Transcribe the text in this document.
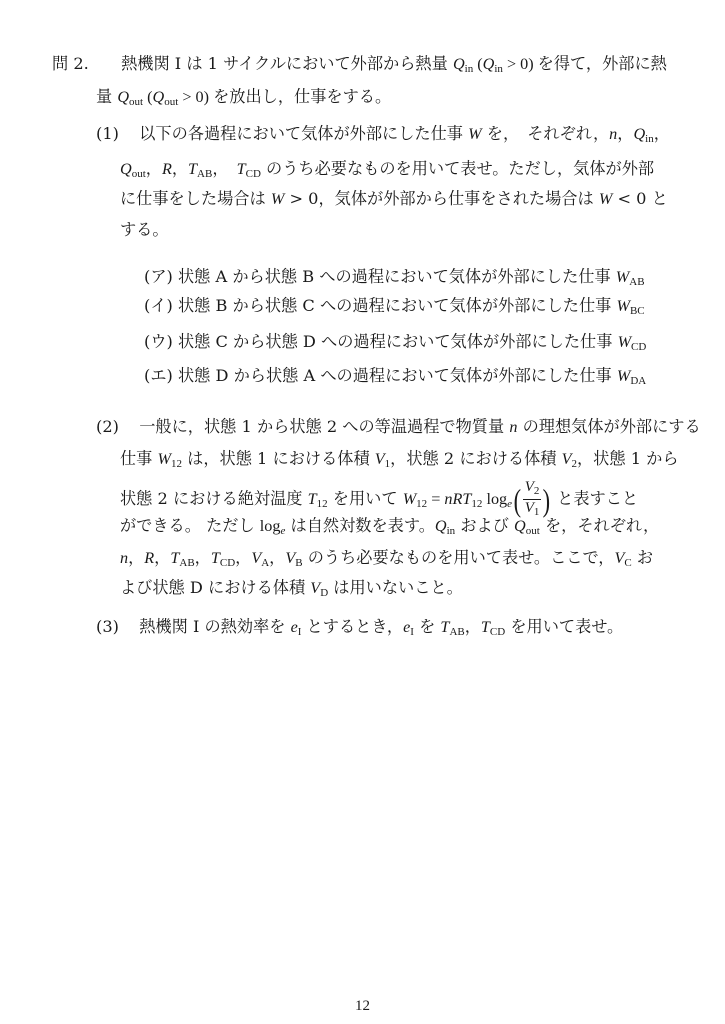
問 2. 熱機関 I は 1 サイクルにおいて外部から熱量 $Q_{in}$ $(Q_{in} > 0)$ を得て，外部に熱
量 $Q_{out}$ $(Q_{out} > 0)$ を放出し，仕事をする。
(1) 以下の各過程において気体が外部にした仕事 W を，　それぞれ，n，$Q_{in}$，
$Q_{out}$，R，$T_{AB}$，　$T_{CD}$ のうち必要なものを用いて表せ。ただし，気体が外部
に仕事をした場合は W > 0，気体が外部から仕事をされた場合は W < 0 と
する。
(ア) 状態 A から状態 B への過程において気体が外部にした仕事 $W_{AB}$
(イ) 状態 B から状態 C への過程において気体が外部にした仕事 $W_{BC}$
(ウ) 状態 C から状態 D への過程において気体が外部にした仕事 $W_{CD}$
(エ) 状態 D から状態 A への過程において気体が外部にした仕事 $W_{DA}$
(2) 一般に，状態 1 から状態 2 への等温過程で物質量 n の理想気体が外部にする
仕事 $W_{12}$ は，状態 1 における体積 $V_1$，状態 2 における体積 $V_2$，状態 1 から
状態 2 における絶対温度 $T_{12}$ を用いて $W_{12} = nRT_{12}$ $\log_e( \frac{V_2}{V_1}$ ) と表すこと
ができる。 ただし $\log_e$ は自然対数を表す。$Q_{in}$ および $Q_{out}$ を，それぞれ，
n，R，$T_{AB}$，$T_{CD}$，$V_A$，$V_B$ のうち必要なものを用いて表せ。ここで，$V_C$ お
よび状態 D における体積 $V_D$ は用いないこと。
(3) 熱機関 I の熱効率を $e_I$ とするとき，$e_I$ を $T_{AB}$，$T_{CD}$ を用いて表せ。
12
